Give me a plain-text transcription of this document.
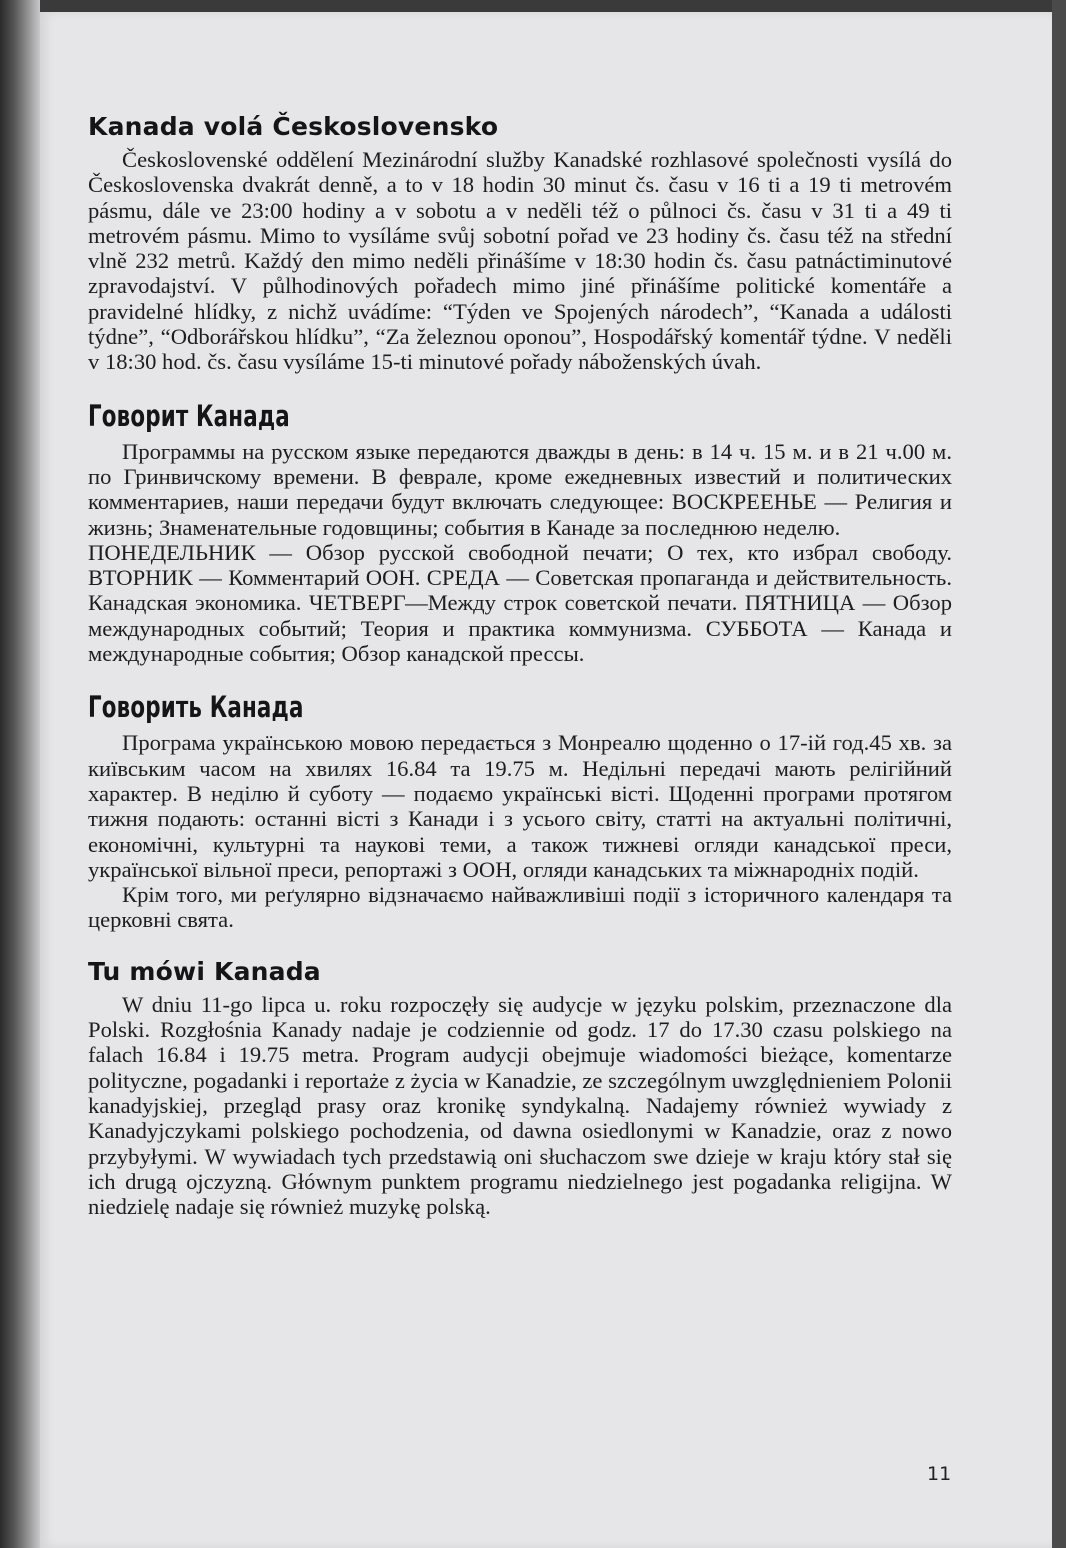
Kanada volá Československo

Československé oddělení Mezinárodní služby Kanadské rozhlasové společnosti vysílá do Československa dvakrát denně, a to v 18 hodin 30 minut čs. času v 16 ti a 19 ti metrovém pásmu, dále ve 23:00 hodiny a v sobotu a v neděli též o půlnoci čs. času v 31 ti a 49 ti metrovém pásmu. Mimo to vysíláme svůj sobotní pořad ve 23 hodiny čs. času též na střední vlně 232 metrů. Každý den mimo neděli přinášíme v 18:30 hodin čs. času patnáctiminutové zpravodajství. V půlhodinových pořadech mimo jiné přinášíme politické komentáře a pravidelné hlídky, z nichž uvádíme: “Týden ve Spojených národech”, “Kanada a události týdne”, “Odborářskou hlídku”, “Za železnou oponou”, Hospodářský komentář týdne. V neděli v 18:30 hod. čs. času vysíláme 15-ti minutové pořady náboženských úvah.

Говорит Канада

Программы на русском языке передаются дважды в день: в 14 ч. 15 м. и в 21 ч.00 м. по Гринвичскому времени. В феврале, кроме ежедневных известий и политических комментариев, наши передачи будут включать следующее: ВОСКРЕЕНЬЕ — Религия и жизнь; Знаменательные годовщины; события в Канаде за последнюю неделю.

ПОНЕДЕЛЬНИК — Обзор русской свободной печати; О тех, кто избрал свободу. ВТОРНИК — Комментарий ООН. СРЕДА — Советская пропаганда и действительность. Канадская экономика. ЧЕТВЕРГ—Между строк советской печати. ПЯТНИЦА — Обзор международных событий; Теория и практика коммунизма. СУББОТА — Канада и международные события; Обзор канадской прессы.

Говорить Канада

Програма українською мовою передається з Монреалю щоденно о 17-ій год.45 хв. за київським часом на хвилях 16.84 та 19.75 м. Недільні передачі мають релігійний характер. В неділю й суботу — подаємо українські вісті. Щоденні програми протягом тижня подають: останні вісті з Канади і з усього світу, статті на актуальні політичні, економічні, культурні та наукові теми, а також тижневі огляди канадської преси, української вільної преси, репортажі з ООН, огляди канадських та міжнародніх подій.

Крім того, ми реґулярно відзначаємо найважливіші події з історичного календаря та церковні свята.

Tu mówi Kanada

W dniu 11-go lipca u. roku rozpoczęły się audycje w języku polskim, przeznaczone dla Polski. Rozgłośnia Kanady nadaje je codziennie od godz. 17 do 17.30 czasu polskiego na falach 16.84 i 19.75 metra. Program audycji obejmuje wiadomości bieżące, komentarze polityczne, pogadanki i reportaże z życia w Kanadzie, ze szczególnym uwzględnieniem Polonii kanadyjskiej, przegląd prasy oraz kronikę syndykalną. Nadajemy również wywiady z Kanadyjczykami polskiego pochodzenia, od dawna osiedlonymi w Kanadzie, oraz z nowo przybyłymi. W wywiadach tych przedstawią oni słuchaczom swe dzieje w kraju który stał się ich drugą ojczyzną. Głównym punktem programu niedzielnego jest pogadanka religijna. W niedzielę nadaje się również muzykę polską.

11
